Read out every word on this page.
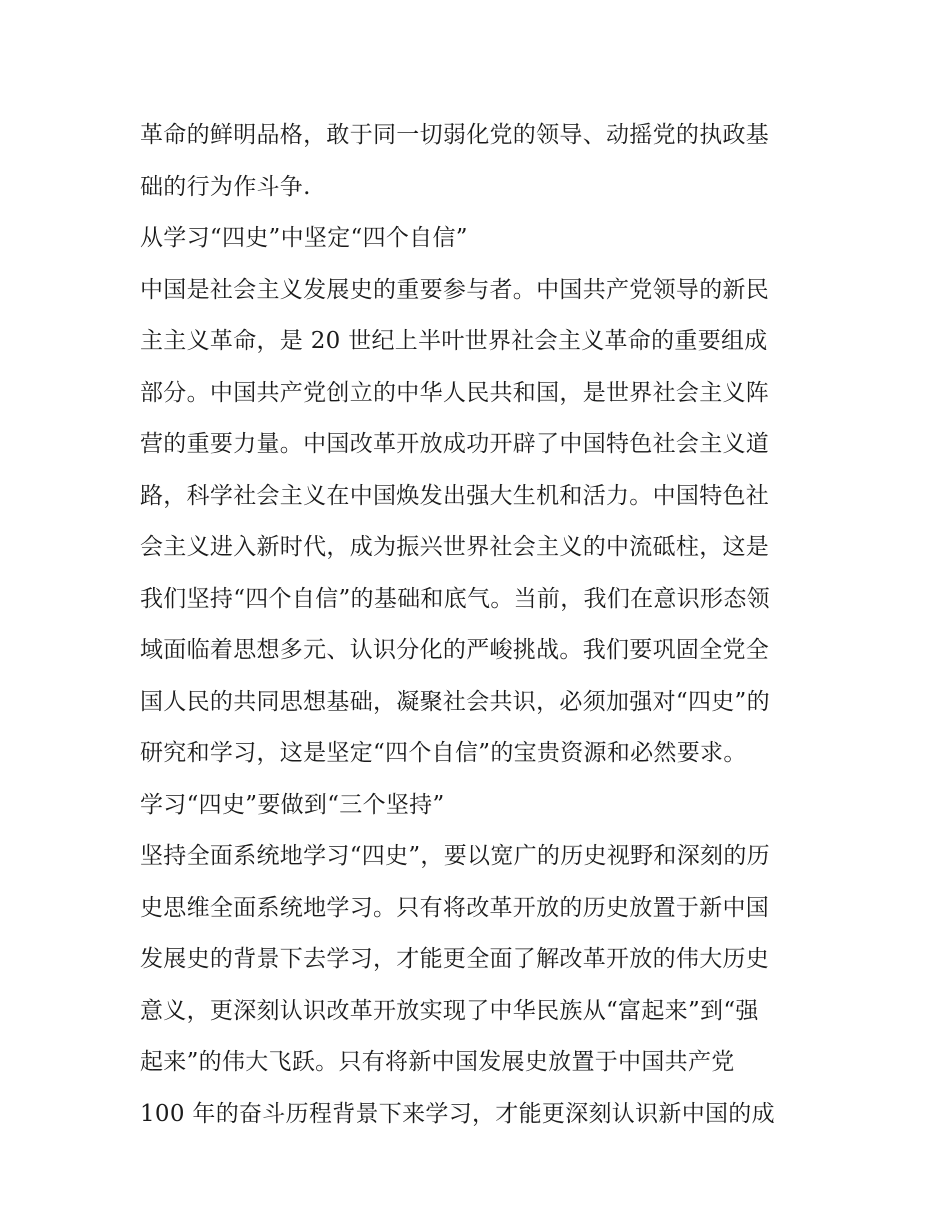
革命的鲜明品格，敢于同一切弱化党的领导、动摇党的执政基
础的行为作斗争.
从学习“四史”中坚定“四个自信”
中国是社会主义发展史的重要参与者。中国共产党领导的新民
主主义革命，是 20 世纪上半叶世界社会主义革命的重要组成
部分。中国共产党创立的中华人民共和国，是世界社会主义阵
营的重要力量。中国改革开放成功开辟了中国特色社会主义道
路，科学社会主义在中国焕发出强大生机和活力。中国特色社
会主义进入新时代，成为振兴世界社会主义的中流砥柱，这是
我们坚持“四个自信”的基础和底气。当前，我们在意识形态领
域面临着思想多元、认识分化的严峻挑战。我们要巩固全党全
国人民的共同思想基础，凝聚社会共识，必须加强对“四史”的
研究和学习，这是坚定“四个自信”的宝贵资源和必然要求。
学习“四史”要做到“三个坚持”
坚持全面系统地学习“四史”，要以宽广的历史视野和深刻的历
史思维全面系统地学习。只有将改革开放的历史放置于新中国
发展史的背景下去学习，才能更全面了解改革开放的伟大历史
意义，更深刻认识改革开放实现了中华民族从“富起来”到“强
起来”的伟大飞跃。只有将新中国发展史放置于中国共产党
100 年的奋斗历程背景下来学习，才能更深刻认识新中国的成
